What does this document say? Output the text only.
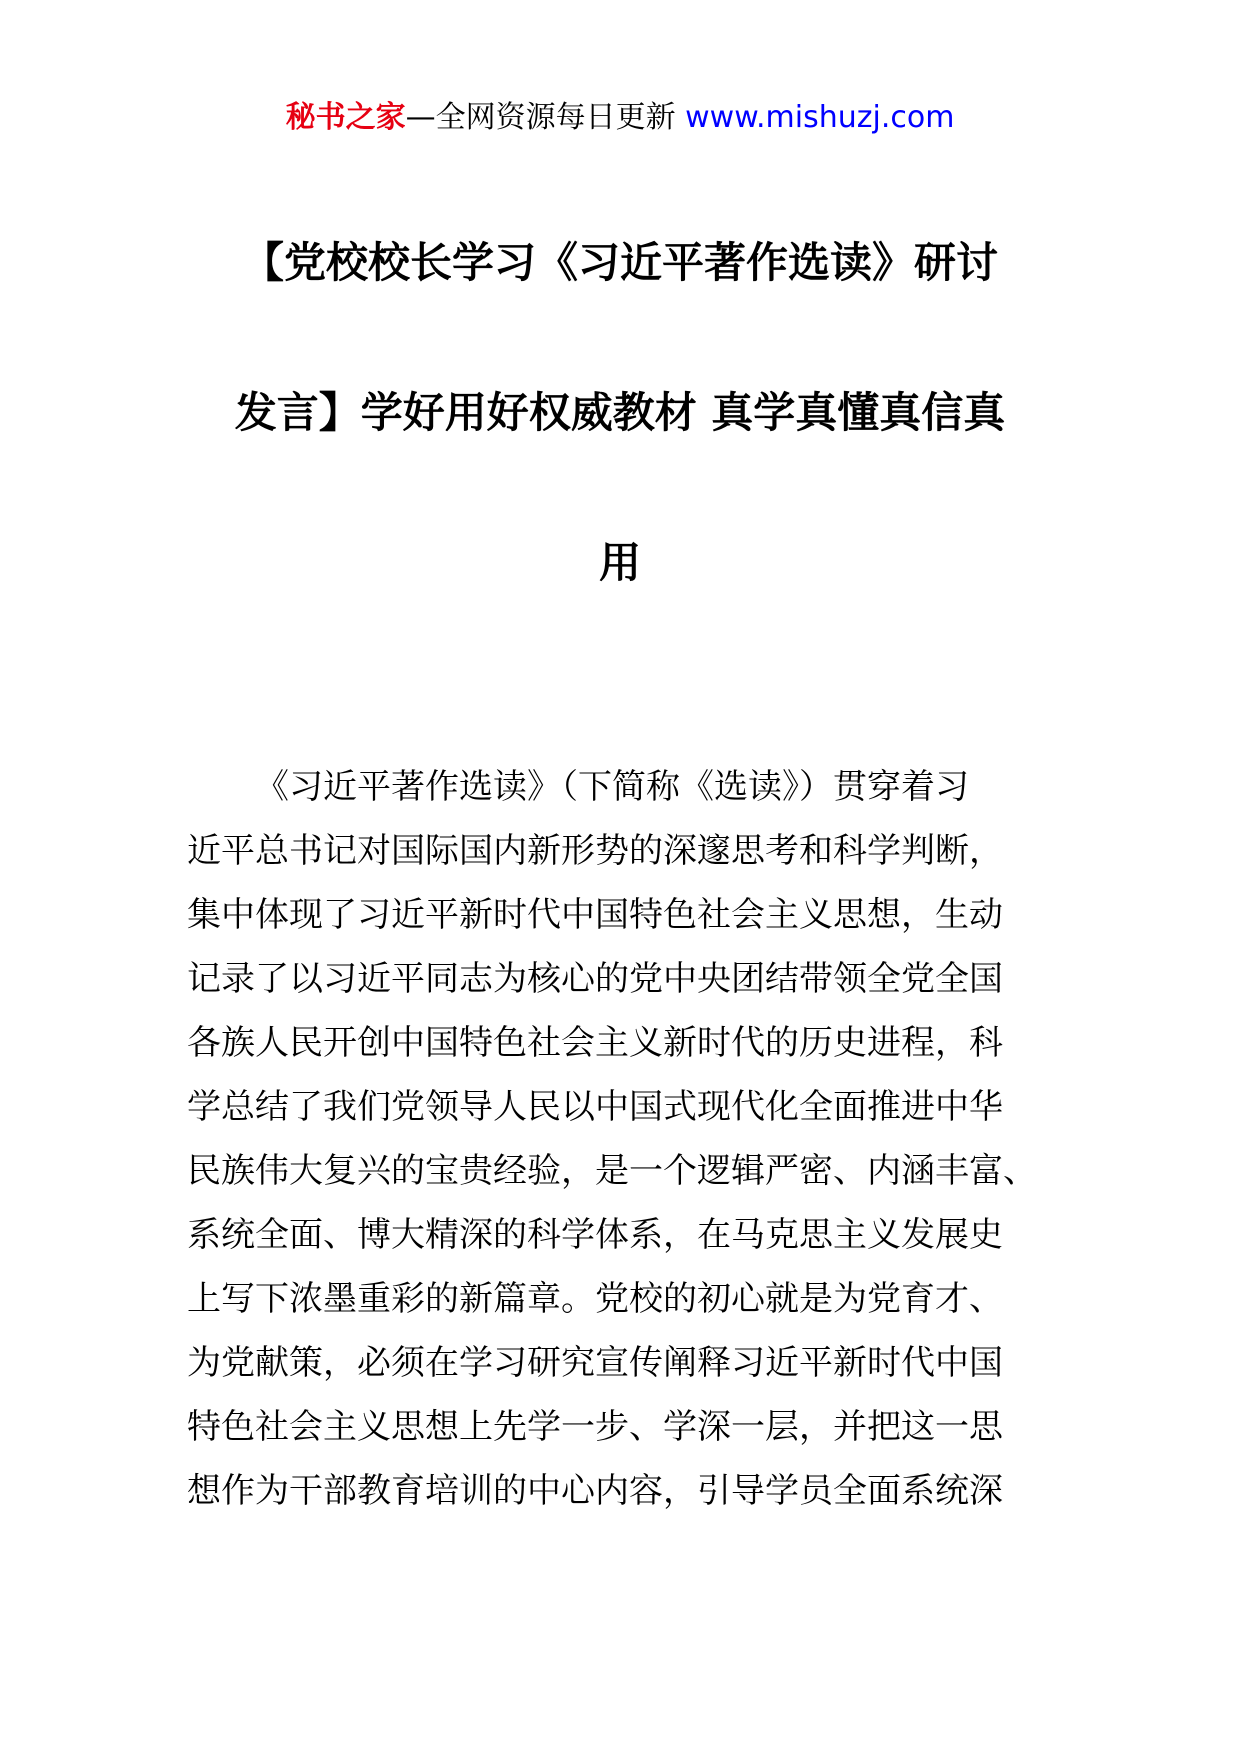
秘书之家—全网资源每日更新 www.mishuzj.com
【党校校长学习《习近平著作选读》研讨
发言】学好用好权威教材 真学真懂真信真
用
《习近平著作选读》（下简称《选读》）贯穿着习
近平总书记对国际国内新形势的深邃思考和科学判断，
集中体现了习近平新时代中国特色社会主义思想，生动
记录了以习近平同志为核心的党中央团结带领全党全国
各族人民开创中国特色社会主义新时代的历史进程，科
学总结了我们党领导人民以中国式现代化全面推进中华
民族伟大复兴的宝贵经验，是一个逻辑严密、内涵丰富、
系统全面、博大精深的科学体系，在马克思主义发展史
上写下浓墨重彩的新篇章。党校的初心就是为党育才、
为党献策，必须在学习研究宣传阐释习近平新时代中国
特色社会主义思想上先学一步、学深一层，并把这一思
想作为干部教育培训的中心内容，引导学员全面系统深
